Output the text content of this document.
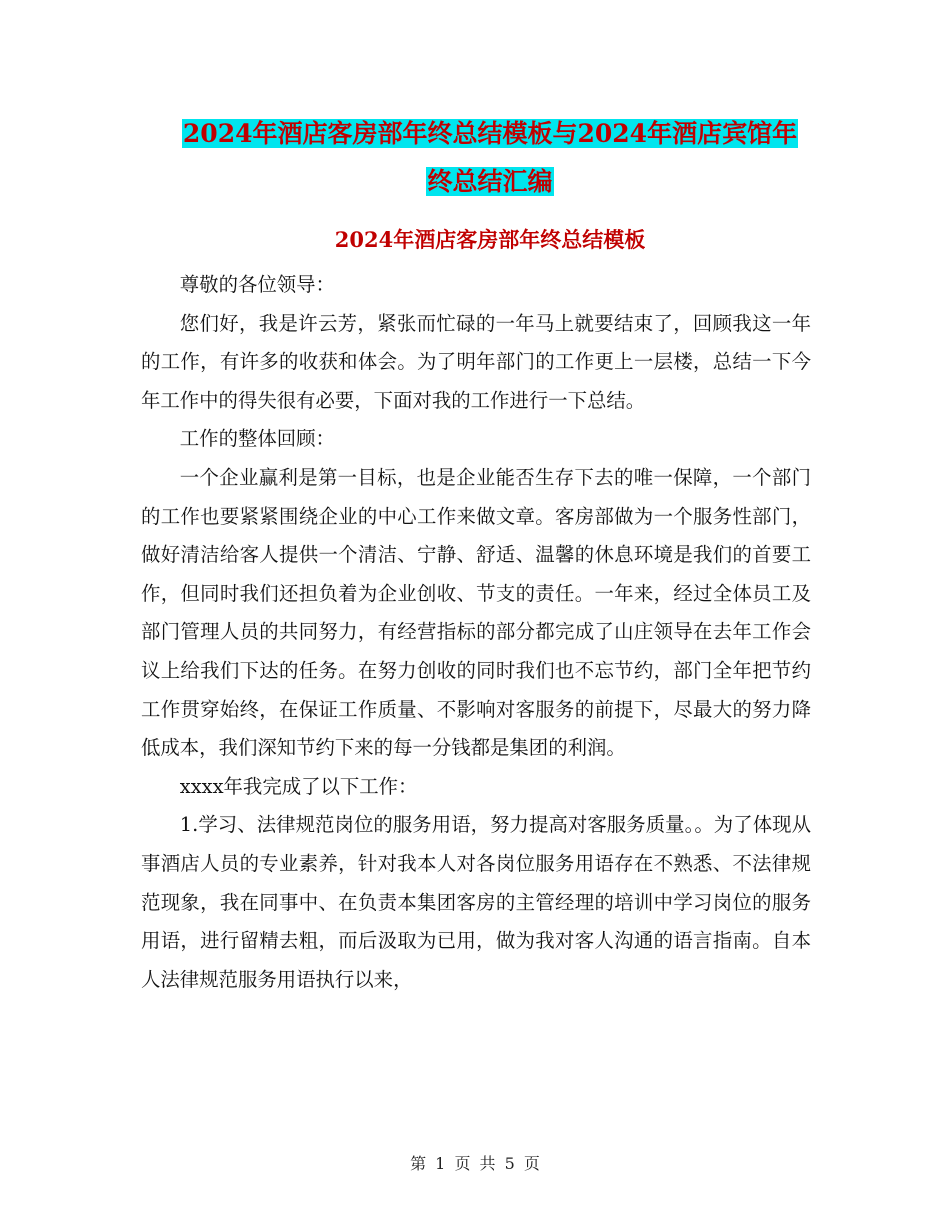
2024年酒店客房部年终总结模板与2024年酒店宾馆年
终总结汇编
2024年酒店客房部年终总结模板

尊敬的各位领导：

您们好，我是许云芳，紧张而忙碌的一年马上就要结束了，回顾我这一年的工作，有许多的收获和体会。为了明年部门的工作更上一层楼，总结一下今年工作中的得失很有必要，下面对我的工作进行一下总结。

工作的整体回顾：

一个企业赢利是第一目标，也是企业能否生存下去的唯一保障，一个部门的工作也要紧紧围绕企业的中心工作来做文章。客房部做为一个服务性部门，做好清洁给客人提供一个清洁、宁静、舒适、温馨的休息环境是我们的首要工作，但同时我们还担负着为企业创收、节支的责任。一年来，经过全体员工及部门管理人员的共同努力，有经营指标的部分都完成了山庄领导在去年工作会议上给我们下达的任务。在努力创收的同时我们也不忘节约，部门全年把节约工作贯穿始终，在保证工作质量、不影响对客服务的前提下，尽最大的努力降低成本，我们深知节约下来的每一分钱都是集团的利润。

xxxx年我完成了以下工作：

1.学习、法律规范岗位的服务用语，努力提高对客服务质量。。为了体现从事酒店人员的专业素养，针对我本人对各岗位服务用语存在不熟悉、不法律规范现象，我在同事中、在负责本集团客房的主管经理的培训中学习岗位的服务用语，进行留精去粗，而后汲取为已用，做为我对客人沟通的语言指南。自本人法律规范服务用语执行以来，

第 1 页 共 5 页
